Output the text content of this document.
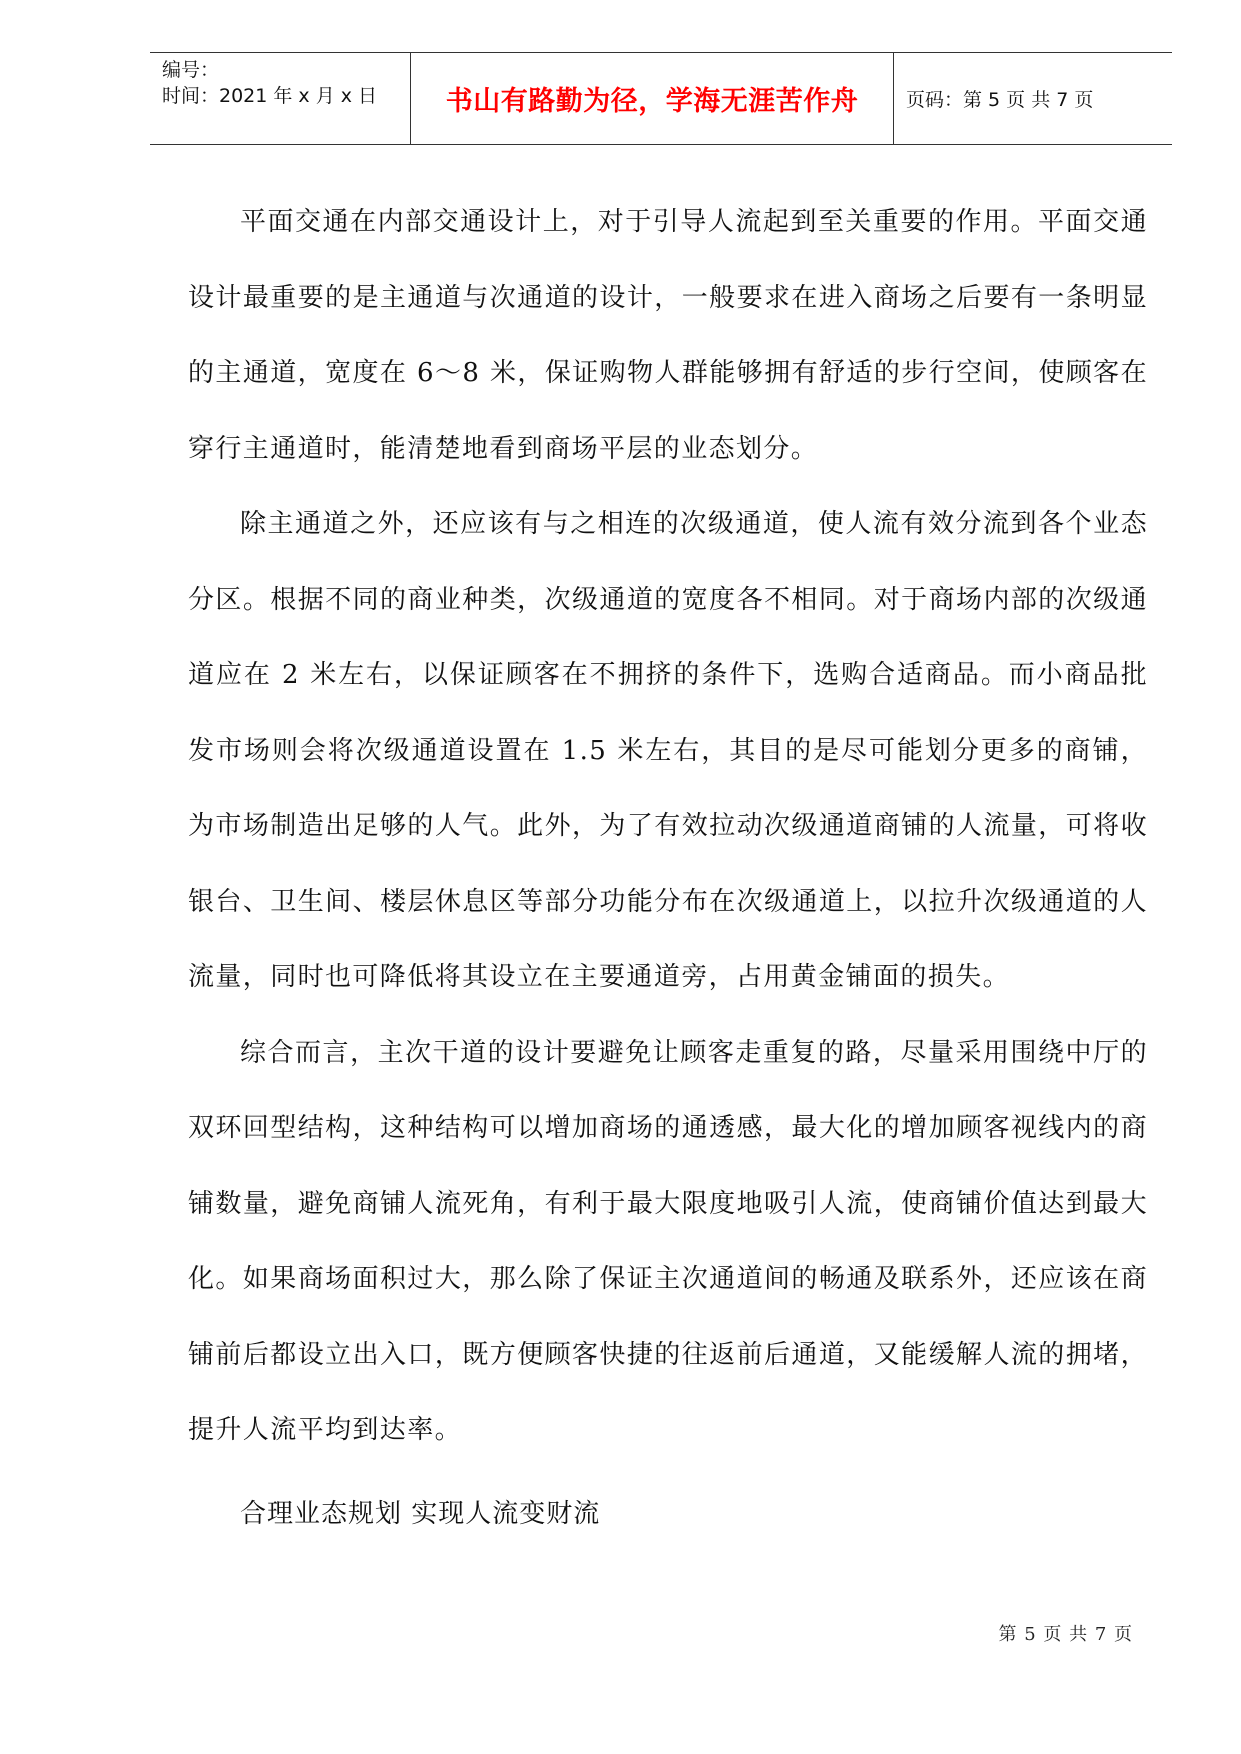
编号：
时间：2021 年 x 月 x 日	书山有路勤为径，学海无涯苦作舟	页码：第 5 页 共 7 页

平面交通在内部交通设计上，对于引导人流起到至关重要的作用。平面交通设计最重要的是主通道与次通道的设计，一般要求在进入商场之后要有一条明显的主通道，宽度在 6～8 米，保证购物人群能够拥有舒适的步行空间，使顾客在穿行主通道时，能清楚地看到商场平层的业态划分。

除主通道之外，还应该有与之相连的次级通道，使人流有效分流到各个业态分区。根据不同的商业种类，次级通道的宽度各不相同。对于商场内部的次级通道应在 2 米左右，以保证顾客在不拥挤的条件下，选购合适商品。而小商品批发市场则会将次级通道设置在 1.5 米左右，其目的是尽可能划分更多的商铺，为市场制造出足够的人气。此外，为了有效拉动次级通道商铺的人流量，可将收银台、卫生间、楼层休息区等部分功能分布在次级通道上，以拉升次级通道的人流量，同时也可降低将其设立在主要通道旁，占用黄金铺面的损失。

综合而言，主次干道的设计要避免让顾客走重复的路，尽量采用围绕中厅的双环回型结构，这种结构可以增加商场的通透感，最大化的增加顾客视线内的商铺数量，避免商铺人流死角，有利于最大限度地吸引人流，使商铺价值达到最大化。如果商场面积过大，那么除了保证主次通道间的畅通及联系外，还应该在商铺前后都设立出入口，既方便顾客快捷的往返前后通道，又能缓解人流的拥堵，提升人流平均到达率。

合理业态规划 实现人流变财流

第 5 页 共 7 页
